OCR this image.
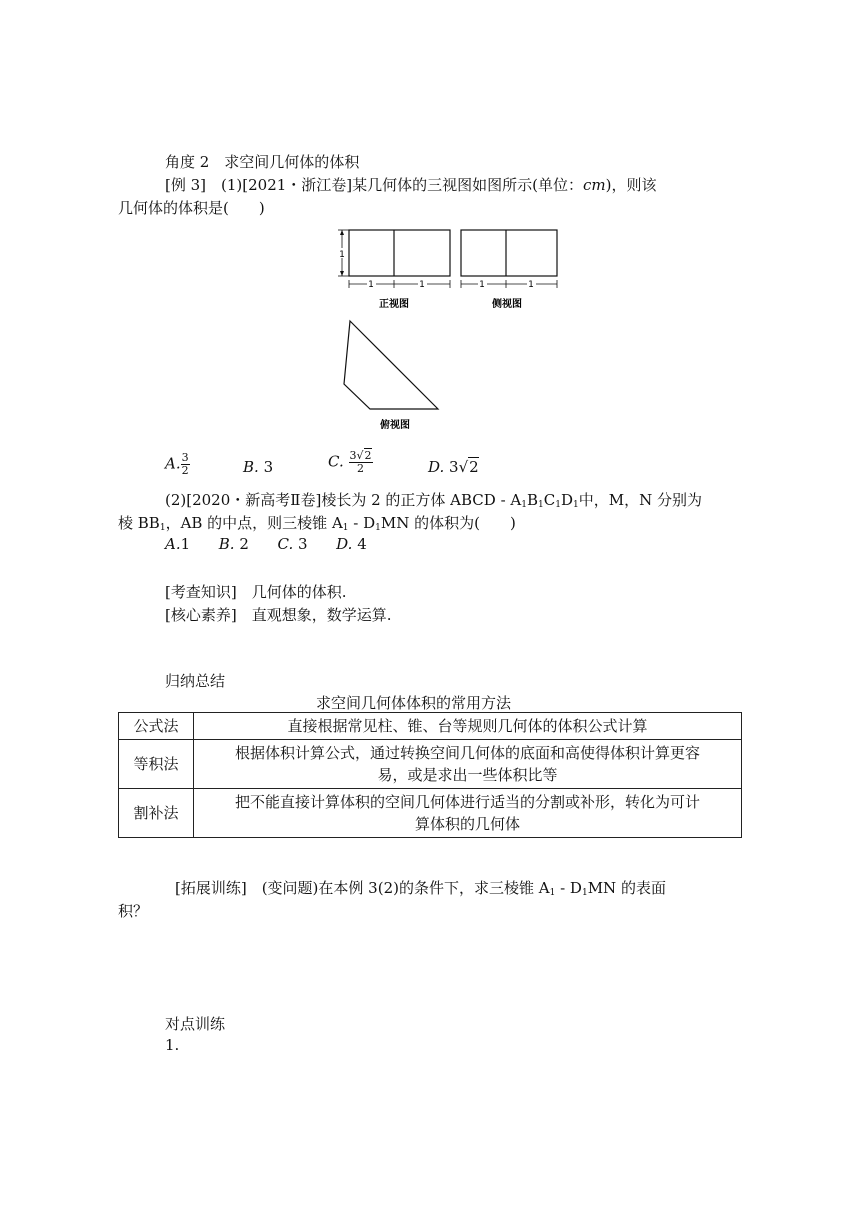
角度 2　求空间几何体的体积
[例 3]　(1)[2021・浙江卷]某几何体的三视图如图所示(单位：cm)，则该
几何体的体积是(　　)
1
1	1
正视图
1	1
侧视图
俯视图
A. $\frac{3}{2}$	B. 3	C. $\frac{3√2}{2}$	D. 3√2
(2)[2020・新高考Ⅱ卷]棱长为 2 的正方体 ABCD - $A_1B_1C_1D_1$中，M，N 分别为
棱 $BB_1$，AB 的中点，则三棱锥 $A_1 - D_1MN$ 的体积为(　　)
A.1 B. 2 C. 3 D. 4
[考查知识]　几何体的体积.
[核心素养]　直观想象，数学运算.
归纳总结
求空间几何体体积的常用方法
公式法	直接根据常见柱、锥、台等规则几何体的体积公式计算
等积法	根据体积计算公式，通过转换空间几何体的底面和高使得体积计算更容
易，或是求出一些体积比等
割补法	把不能直接计算体积的空间几何体进行适当的分割或补形，转化为可计
算体积的几何体
[拓展训练]　(变问题)在本例 3(2)的条件下，求三棱锥 $A_1 - D_1MN$ 的表面
积？
对点训练
1.
